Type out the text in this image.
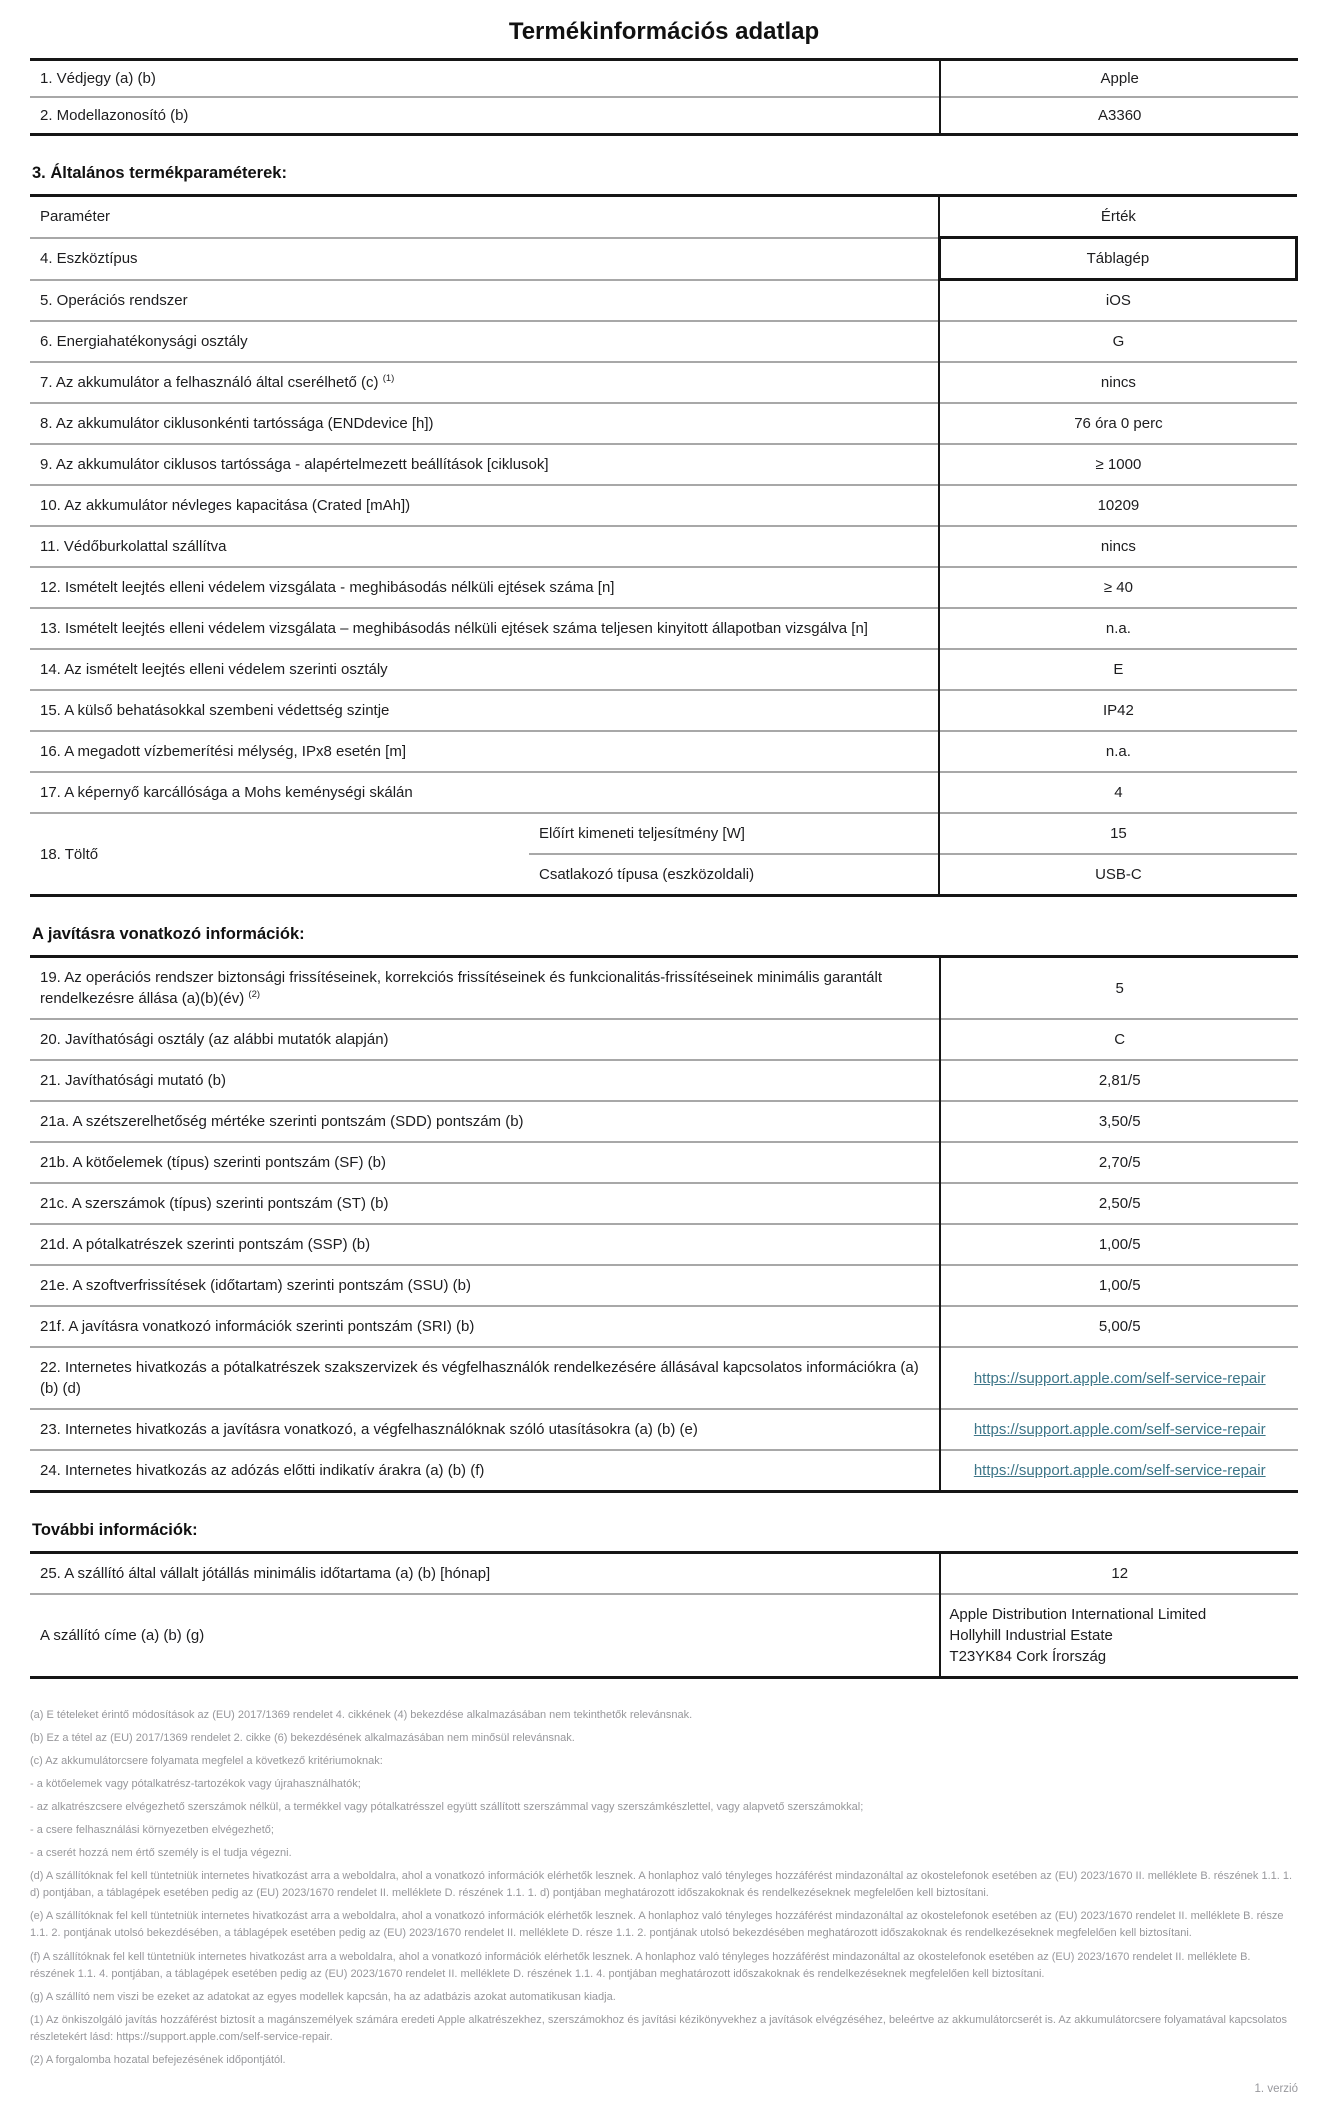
Termékinformációs adatlap
1. Védjegy (a) (b)	Apple
2. Modellazonosító (b)	A3360
3. Általános termékparaméterek:
Paraméter		Érték
4. Eszköztípus		Táblagép
5. Operációs rendszer		iOS
6. Energiahatékonysági osztály		G
7. Az akkumulátor a felhasználó által cserélhető (c) $^{(1)}$		nincs
8. Az akkumulátor ciklusonkénti tartóssága (ENDdevice [h])		76 óra 0 perc
9. Az akkumulátor ciklusos tartóssága - alapértelmezett beállítások [ciklusok]		≥ 1000
10. Az akkumulátor névleges kapacitása (Crated [mAh])		10209
11. Védőburkolattal szállítva		nincs
12. Ismételt leejtés elleni védelem vizsgálata - meghibásodás nélküli ejtések száma [n]		≥ 40
13. Ismételt leejtés elleni védelem vizsgálata – meghibásodás nélküli ejtések száma teljesen kinyitott állapotban vizsgálva [n]		n.a.
14. Az ismételt leejtés elleni védelem szerinti osztály		E
15. A külső behatásokkal szembeni védettség szintje		IP42
16. A megadott vízbemerítési mélység, IPx8 esetén [m]		n.a.
17. A képernyő karcállósága a Mohs keménységi skálán		4
18. Töltő	Előírt kimeneti teljesítmény [W]	15
	Csatlakozó típusa (eszközoldali)	USB-C
A javításra vonatkozó információk:
19. Az operációs rendszer biztonsági frissítéseinek, korrekciós frissítéseinek és funkcionalitás-frissítéseinek minimális garantált rendelkezésre állása (a)(b)(év) $^{(2)}$	5
20. Javíthatósági osztály (az alábbi mutatók alapján)	C
21. Javíthatósági mutató (b)	2,81/5
21a. A szétszerelhetőség mértéke szerinti pontszám (SDD) pontszám (b)	3,50/5
21b. A kötőelemek (típus) szerinti pontszám (SF) (b)	2,70/5
21c. A szerszámok (típus) szerinti pontszám (ST) (b)	2,50/5
21d. A pótalkatrészek szerinti pontszám (SSP) (b)	1,00/5
21e. A szoftverfrissítések (időtartam) szerinti pontszám (SSU) (b)	1,00/5
21f. A javításra vonatkozó információk szerinti pontszám (SRI) (b)	5,00/5
22. Internetes hivatkozás a pótalkatrészek szakszervizek és végfelhasználók rendelkezésére állásával kapcsolatos információkra (a) (b) (d)	https://support.apple.com/self-service-repair
23. Internetes hivatkozás a javításra vonatkozó, a végfelhasználóknak szóló utasításokra (a) (b) (e)	https://support.apple.com/self-service-repair
24. Internetes hivatkozás az adózás előtti indikatív árakra (a) (b) (f)	https://support.apple.com/self-service-repair
További információk:
25. A szállító által vállalt jótállás minimális időtartama (a) (b) [hónap]	12
A szállító címe (a) (b) (g)	Apple Distribution International Limited
Hollyhill Industrial Estate
T23YK84 Cork Írország

(a) E tételeket érintő módosítások az (EU) 2017/1369 rendelet 4. cikkének (4) bekezdése alkalmazásában nem tekinthetők relevánsnak.

(b) Ez a tétel az (EU) 2017/1369 rendelet 2. cikke (6) bekezdésének alkalmazásában nem minősül relevánsnak.

(c) Az akkumulátorcsere folyamata megfelel a következő kritériumoknak:

- a kötőelemek vagy pótalkatrész-tartozékok vagy újrahasználhatók;

- az alkatrészcsere elvégezhető szerszámok nélkül, a termékkel vagy pótalkatrésszel együtt szállított szerszámmal vagy szerszámkészlettel, vagy alapvető szerszámokkal;

- a csere felhasználási környezetben elvégezhető;

- a cserét hozzá nem értő személy is el tudja végezni.

(d) A szállítóknak fel kell tüntetniük internetes hivatkozást arra a weboldalra, ahol a vonatkozó információk elérhetők lesznek. A honlaphoz való tényleges hozzáférést mindazonáltal az okostelefonok esetében az (EU) 2023/1670 II. melléklete B. részének 1.1. 1. d) pontjában, a táblagépek esetében pedig az (EU) 2023/1670 rendelet II. melléklete D. részének 1.1. 1. d) pontjában meghatározott időszakoknak és rendelkezéseknek megfelelően kell biztosítani.

(e) A szállítóknak fel kell tüntetniük internetes hivatkozást arra a weboldalra, ahol a vonatkozó információk elérhetők lesznek. A honlaphoz való tényleges hozzáférést mindazonáltal az okostelefonok esetében az (EU) 2023/1670 rendelet II. melléklete B. része 1.1. 2. pontjának utolsó bekezdésében, a táblagépek esetében pedig az (EU) 2023/1670 rendelet II. melléklete D. része 1.1. 2. pontjának utolsó bekezdésében meghatározott időszakoknak és rendelkezéseknek megfelelően kell biztosítani.

(f) A szállítóknak fel kell tüntetniük internetes hivatkozást arra a weboldalra, ahol a vonatkozó információk elérhetők lesznek. A honlaphoz való tényleges hozzáférést mindazonáltal az okostelefonok esetében az (EU) 2023/1670 rendelet II. melléklete B. részének 1.1. 4. pontjában, a táblagépek esetében pedig az (EU) 2023/1670 rendelet II. melléklete D. részének 1.1. 4. pontjában meghatározott időszakoknak és rendelkezéseknek megfelelően kell biztosítani.

(g) A szállító nem viszi be ezeket az adatokat az egyes modellek kapcsán, ha az adatbázis azokat automatikusan kiadja.

(1) Az önkiszolgáló javítás hozzáférést biztosít a magánszemélyek számára eredeti Apple alkatrészekhez, szerszámokhoz és javítási kézikönyvekhez a javítások elvégzéséhez, beleértve az akkumulátorcserét is. Az akkumulátorcsere folyamatával kapcsolatos részletekért lásd: https://support.apple.com/self-service-repair.

(2) A forgalomba hozatal befejezésének időpontjától.

1. verzió
